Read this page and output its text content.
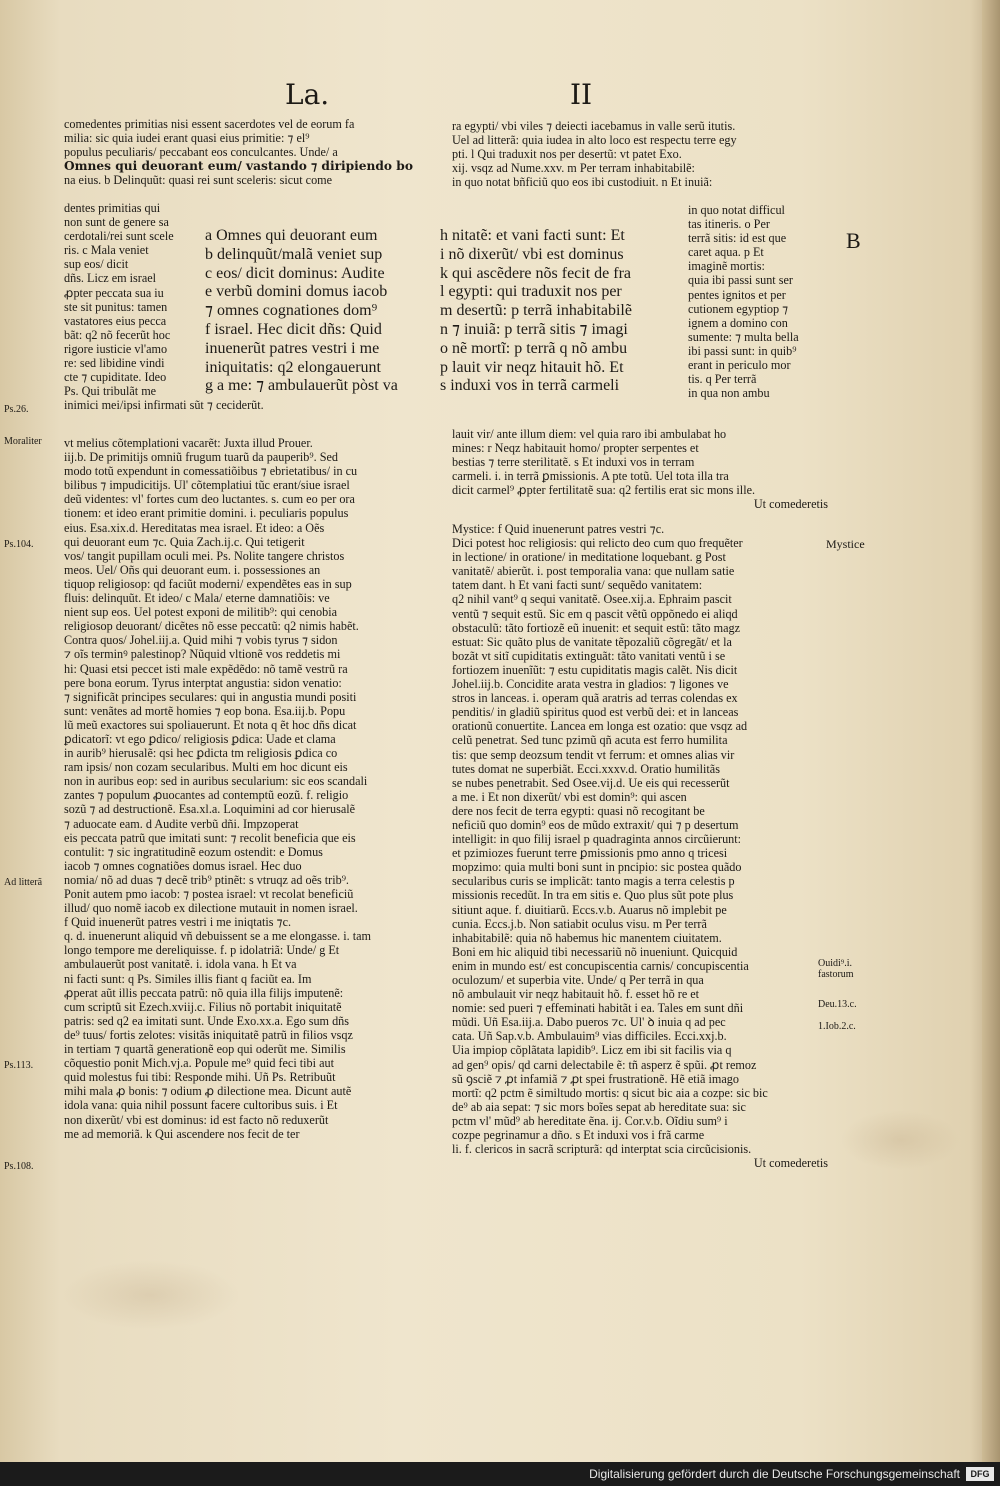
La.	II
Ps.26.
Moraliter
Ps.104.
Ad litterã
Ps.113.
Ps.108.
B
Mystice
Ouidi⁹.i. fastorum
Deu.13.c.
1.Iob.2.c.
comedentes primitias nisi essent sacerdotes vel de eorum fa
milia: sic quia iudei erant quasi eius primitie: ⁊ el⁹
populus peculiaris/ peccabant eos conculcantes. Unde/ a
Omnes qui deuorant eum/ vastando ⁊ diripiendo bo
na eius. b Delinquũt: quasi rei sunt sceleris: sicut come
dentes primitias qui
non sunt de genere sa
cerdotali/rei sunt scele
ris. c Mala veniet
sup eos/ dicit
dñs. Licz em israel
ꝓpter peccata sua iu
ste sit punitus: tamen
vastatores eius pecca
bãt: q2 nõ fecerũt hoc
rigore iusticie vl'amo
re: sed libidine vindi
cte ⁊ cupiditate. Ideo
Ps. Qui tribulãt me
inimici mei/ipsi infirmati sũt ⁊ ceciderũt.
a Omnes qui deuorant eum
b delinquũt/malã veniet sup
c eos/ dicit dominus: Audite
e verbũ domini domus iacob
⁊ omnes cognationes dom⁹
f israel. Hec dicit dñs: Quid
inuenerũt patres vestri i me
iniquitatis: q2 elongauerunt
g a me: ⁊ ambulauerũt pòst va
h nitatẽ: et vani facti sunt: Et
i nõ dixerũt/ vbi est dominus
k qui ascẽdere nõs fecit de fra
l egypti: qui traduxit nos per
m desertũ: p terrã inhabitabilẽ
n ⁊ inuiã: p terrã sitis ⁊ imagi
o nẽ mortĩ: p terrã q nõ ambu
p lauit vir neqz hitauit hõ. Et
s induxi vos in terrã carmeli
ra egypti/ vbi viles ⁊ deiecti iacebamus in valle serũ itutis.
Uel ad litterã: quia iudea in alto loco est respectu terre egy
pti. l Qui traduxit nos per desertũ: vt patet Exo.
xij. vsqz ad Nume.xxv. m Per terram inhabitabilẽ:
in quo notat bñficiũ quo eos ibi custodiuit. n Et inuiã:
in quo notat difficul
tas itineris. o Per
terrã sitis: id est que
caret aqua. p Et
imaginẽ mortis:
quia ibi passi sunt ser
pentes ignitos et per
cutionem egyptiop ⁊
ignem a domino con
sumente: ⁊ multa bella
ibi passi sunt: in quib⁹
erant in periculo mor
tis. q Per terrã
in qua non ambu
lauit vir/ ante illum diem: vel quia raro ibi ambulabat ho
mines: r Neqz habitauit homo/ propter serpentes et
bestias ⁊ terre sterilitatẽ. s Et induxi vos in terram
carmeli. i. in terrã ꝑmissionis. A pte totũ. Uel tota illa tra
dicit carmel⁹ ꝓpter fertilitatẽ sua: q2 fertilis erat sic mons ille.
Ut comederetis
vt melius cõtemplationi vacarẽt: Juxta illud Prouer.
iij.b. De primitijs omniũ frugum tuarũ da pauperib⁹. Sed
modo totũ expendunt in comessatiõibus ⁊ ebrietatibus/ in cu
bilibus ⁊ impudicitijs. Ul' cõtemplatiui tũc erant/siue israel
deũ videntes: vl' fortes cum deo luctantes. s. cum eo per ora
tionem: et ideo erant primitie domini. i. peculiaris populus
eius. Esa.xix.d. Hereditatas mea israel. Et ideo: a Oẽs
qui deuorant eum ⁊c. Quia Zach.ij.c. Qui tetigerit
vos/ tangit pupillam oculi mei. Ps. Nolite tangere christos
meos. Uel/ Oñs qui deuorant eum. i. possessiones an
tiquop religiosop: qd faciũt moderni/ expendẽtes eas in sup
fluis: delinquũt. Et ideo/ c Mala/ eterne damnatiõis: ve
nient sup eos. Uel potest exponi de militib⁹: qui cenobia
religiosop deuorant/ dicẽtes nõ esse peccatũ: q2 nimis habẽt.
Contra quos/ Johel.iij.a. Quid mihi ⁊ vobis tyrus ⁊ sidon
⁊ oĩs terminꝰ palestinop? Nũquid vltionẽ vos reddetis mi
hi: Quasi etsi peccet isti male expẽdẽdo: nõ tamẽ vestrũ ra
pere bona eorum. Tyrus interptat angustia: sidon venatio:
⁊ significãt principes seculares: qui in angustia mundi positi
sunt: venãtes ad mortẽ homies ⁊ eop bona. Esa.iij.b. Popu
lũ meũ exactores sui spoliauerunt. Et nota q ẽt hoc dñs dicat
ꝑdicatorĩ: vt ego ꝑdico/ religiosis ꝑdica: Uade et clama
in aurib⁹ hierusalẽ: qsi hec ꝑdicta tm religiosis ꝑdica co
ram ipsis/ non cozam secularibus. Multi em hoc dicunt eis
non in auribus eop: sed in auribus secularium: sic eos scandali
zantes ⁊ populum ꝓuocantes ad contemptũ eozũ. f. religio
sozũ ⁊ ad destructionẽ. Esa.xl.a. Loquimini ad cor hierusalẽ
⁊ aduocate eam. d Audite verbũ dñi. Impzoperat
eis peccata patrũ que imitati sunt: ⁊ recolit beneficia que eis
contulit: ⁊ sic ingratitudinẽ eozum ostendit: e Domus
iacob ⁊ omnes cognatiões domus israel. Hec duo
nomia/ nõ ad duas ⁊ decẽ trib⁹ ptinẽt: s vtruqz ad oẽs trib⁹.
Ponit autem pmo iacob: ⁊ postea israel: vt recolat beneficiũ
illud/ quo nomẽ iacob ex dilectione mutauit in nomen israel.
f Quid inuenerũt patres vestri i me iniqtatis ⁊c.
q. d. inuenerunt aliquid vñ debuissent se a me elongasse. i. tam
longo tempore me dereliquisse. f. p idolatriã: Unde/ g Et
ambulauerũt post vanitatẽ. i. idola vana. h Et va
ni facti sunt: q Ps. Similes illis fiant q faciũt ea. Im
ꝓperat aũt illis peccata patrũ: nõ quia illa filijs imputenẽ:
cum scriptũ sit Ezech.xviij.c. Filius nõ portabit iniquitatẽ
patris: sed q2 ea imitati sunt. Unde Exo.xx.a. Ego sum dñs
de⁹ tuus/ fortis zelotes: visitãs iniquitatẽ patrũ in filios vsqz
in tertiam ⁊ quartã generationẽ eop qui oderũt me. Similis
cõquestio ponit Mich.vj.a. Popule me⁹ quid feci tibi aut
quid molestus fui tibi: Responde mihi. Uñ Ps. Retribuũt
mihi mala ꝓ bonis: ⁊ odium ꝓ dilectione mea. Dicunt autẽ
idola vana: quia nihil possunt facere cultoribus suis. i Et
non dixerũt/ vbi est dominus: id est facto nõ reduxerũt
me ad memoriã. k Qui ascendere nos fecit de ter
Mystice: f Quid inuenerunt patres vestri ⁊c.
Dici potest hoc religiosis: qui relicto deo cum quo frequẽter
in lectione/ in oratione/ in meditatione loquebant. g Post
vanitatẽ/ abierũt. i. post temporalia vana: que nullam satie
tatem dant. h Et vani facti sunt/ sequẽdo vanitatem:
q2 nihil vant⁹ q sequi vanitatẽ. Osee.xij.a. Ephraim pascit
ventũ ⁊ sequit estũ. Sic em q pascit vẽtũ oppõnedo ei aliqd
obstaculũ: tãto fortiozẽ eũ inuenit: et sequit estũ: tãto magz
estuat: Sic quãto plus de vanitate tẽpozaliũ cõgregãt/ et la
bozãt vt sitĩ cupiditatis extinguãt: tãto vanitati ventũ i se
fortiozem inuenĩũt: ⁊ estu cupiditatis magis calẽt. Nis dicit
Johel.iij.b. Concidite arata vestra in gladios: ⁊ ligones ve
stros in lanceas. i. operam quã aratris ad terras colendas ex
penditis/ in gladiũ spiritus quod est verbũ dei: et in lanceas
orationũ conuertite. Lancea em longa est ozatio: que vsqz ad
celũ penetrat. Sed tunc pzimũ qñ acuta est ferro humilita
tis: que semp deozsum tendit vt ferrum: et omnes alias vir
tutes domat ne superbiãt. Ecci.xxxv.d. Oratio humilitãs
se nubes penetrabit. Sed Osee.vij.d. Ue eis qui recesserũt
a me. i Et non dixerũt/ vbi est domin⁹: qui ascen
dere nos fecit de terra egypti: quasi nõ recogitant be
neficiũ quo domin⁹ eos de mũdo extraxit/ qui ⁊ p desertum
intelligit: in quo filij israel p quadraginta annos circũierunt:
et pzimiozes fuerunt terre ꝑmissionis pmo anno q tricesi
mopzimo: quia multi boni sunt in pncipio: sic postea quãdo
secularibus curis se implicãt: tanto magis a terra celestis p
missionis recedũt. In tra em sitis e. Quo plus sũt pote plus
sitiunt aque. f. diuitiarũ. Eccs.v.b. Auarus nõ implebit pe
cunia. Eccs.j.b. Non satiabit oculus visu. m Per terrã
inhabitabilẽ: quia nõ habemus hic manentem ciuitatem.
Boni em hic aliquid tibi necessariũ nõ inueniunt. Quicquid
enim in mundo est/ est concupiscentia carnis/ concupiscentia
oculozum/ et superbia vite. Unde/ q Per terrã in qua
nõ ambulauit vir neqz habitauit hõ. f. esset hõ re et
nomie: sed pueri ⁊ effeminati habitãt i ea. Tales em sunt dñi
mũdi. Uñ Esa.iij.a. Dabo pueros ⁊c. Ul' ꝺ inuia q ad pec
cata. Uñ Sap.v.b. Ambulauim⁹ vias difficiles. Ecci.xxj.b.
Uia impiop cõplãtata lapidib⁹. Licz em ibi sit facilis via q
ad gen⁹ opis/ qd carni delectabile ẽ: tñ asperz ẽ spũi. ꝓt remoz
sũ ꝯsciẽ ⁊ ꝓt infamiã ⁊ ꝓt spei frustrationẽ. Hẽ etiã imago
mortĩ: q2 pctm ẽ similtudo mortis: q sicut bic aia a cozpe: sic bic
de⁹ ab aia sepat: ⁊ sic mors boĩes sepat ab hereditate sua: sic
pctm vl' mũd⁹ ab hereditate ẽna. ij. Cor.v.b. Oĩdiu sum⁹ i
cozpe pegrinamur a dño. s Et induxi vos i frã carme
li. f. clericos in sacrã scripturã: qd interptat scia circũcisionis.
Ut comederetis
Digitalisierung gefördert durch die Deutsche Forschungsgemeinschaft	DFG
